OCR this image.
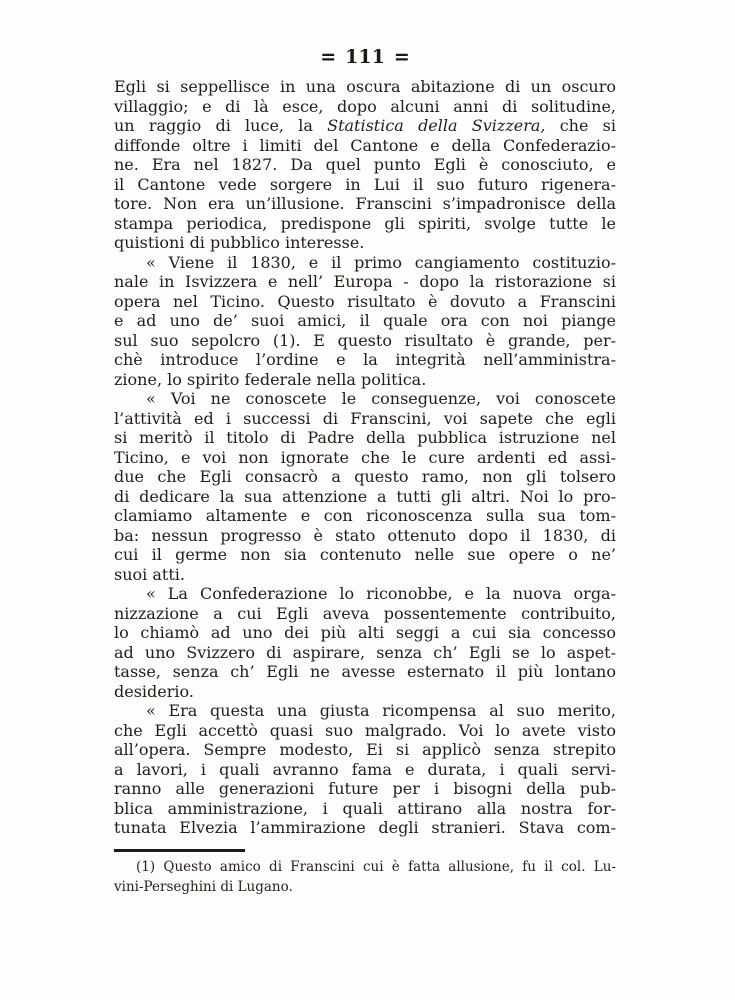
= 111 =
Egli si seppellisce in una oscura abitazione di un oscuro
villaggio; e di là esce, dopo alcuni anni di solitudine,
un raggio di luce, la Statistica della Svizzera, che si
diffonde oltre i limiti del Cantone e della Confederazio-
ne. Era nel 1827. Da quel punto Egli è conosciuto, e
il Cantone vede sorgere in Lui il suo futuro rigenera-
tore. Non era un’illusione. Franscini s’impadronisce della
stampa periodica, predispone gli spiriti, svolge tutte le
quistioni di pubblico interesse.
« Viene il 1830, e il primo cangiamento costituzio-
nale in Isvizzera e nell’ Europa - dopo la ristorazione si
opera nel Ticino. Questo risultato è dovuto a Franscini
e ad uno de’ suoi amici, il quale ora con noi piange
sul suo sepolcro (1). E questo risultato è grande, per-
chè introduce l’ordine e la integrità nell’amministra-
zione, lo spirito federale nella politica.
« Voi ne conoscete le conseguenze, voi conoscete
l’attività ed i successi di Franscini, voi sapete che egli
si meritò il titolo di Padre della pubblica istruzione nel
Ticino, e voi non ignorate che le cure ardenti ed assi-
due che Egli consacrò a questo ramo, non gli tolsero
di dedicare la sua attenzione a tutti gli altri. Noi lo pro-
clamiamo altamente e con riconoscenza sulla sua tom-
ba: nessun progresso è stato ottenuto dopo il 1830, di
cui il germe non sia contenuto nelle sue opere o ne’
suoi atti.
« La Confederazione lo riconobbe, e la nuova orga-
nizzazione a cui Egli aveva possentemente contribuito,
lo chiamò ad uno dei più alti seggi a cui sia concesso
ad uno Svizzero di aspirare, senza ch’ Egli se lo aspet-
tasse, senza ch’ Egli ne avesse esternato il più lontano
desiderio.
« Era questa una giusta ricompensa al suo merito,
che Egli accettò quasi suo malgrado. Voi lo avete visto
all’opera. Sempre modesto, Ei si applicò senza strepito
a lavori, i quali avranno fama e durata, i quali servi-
ranno alle generazioni future per i bisogni della pub-
blica amministrazione, i quali attirano alla nostra for-
tunata Elvezia l’ammirazione degli stranieri. Stava com-
(1) Questo amico di Franscini cui è fatta allusione, fu il col. Lu-
vini-Perseghini di Lugano.
